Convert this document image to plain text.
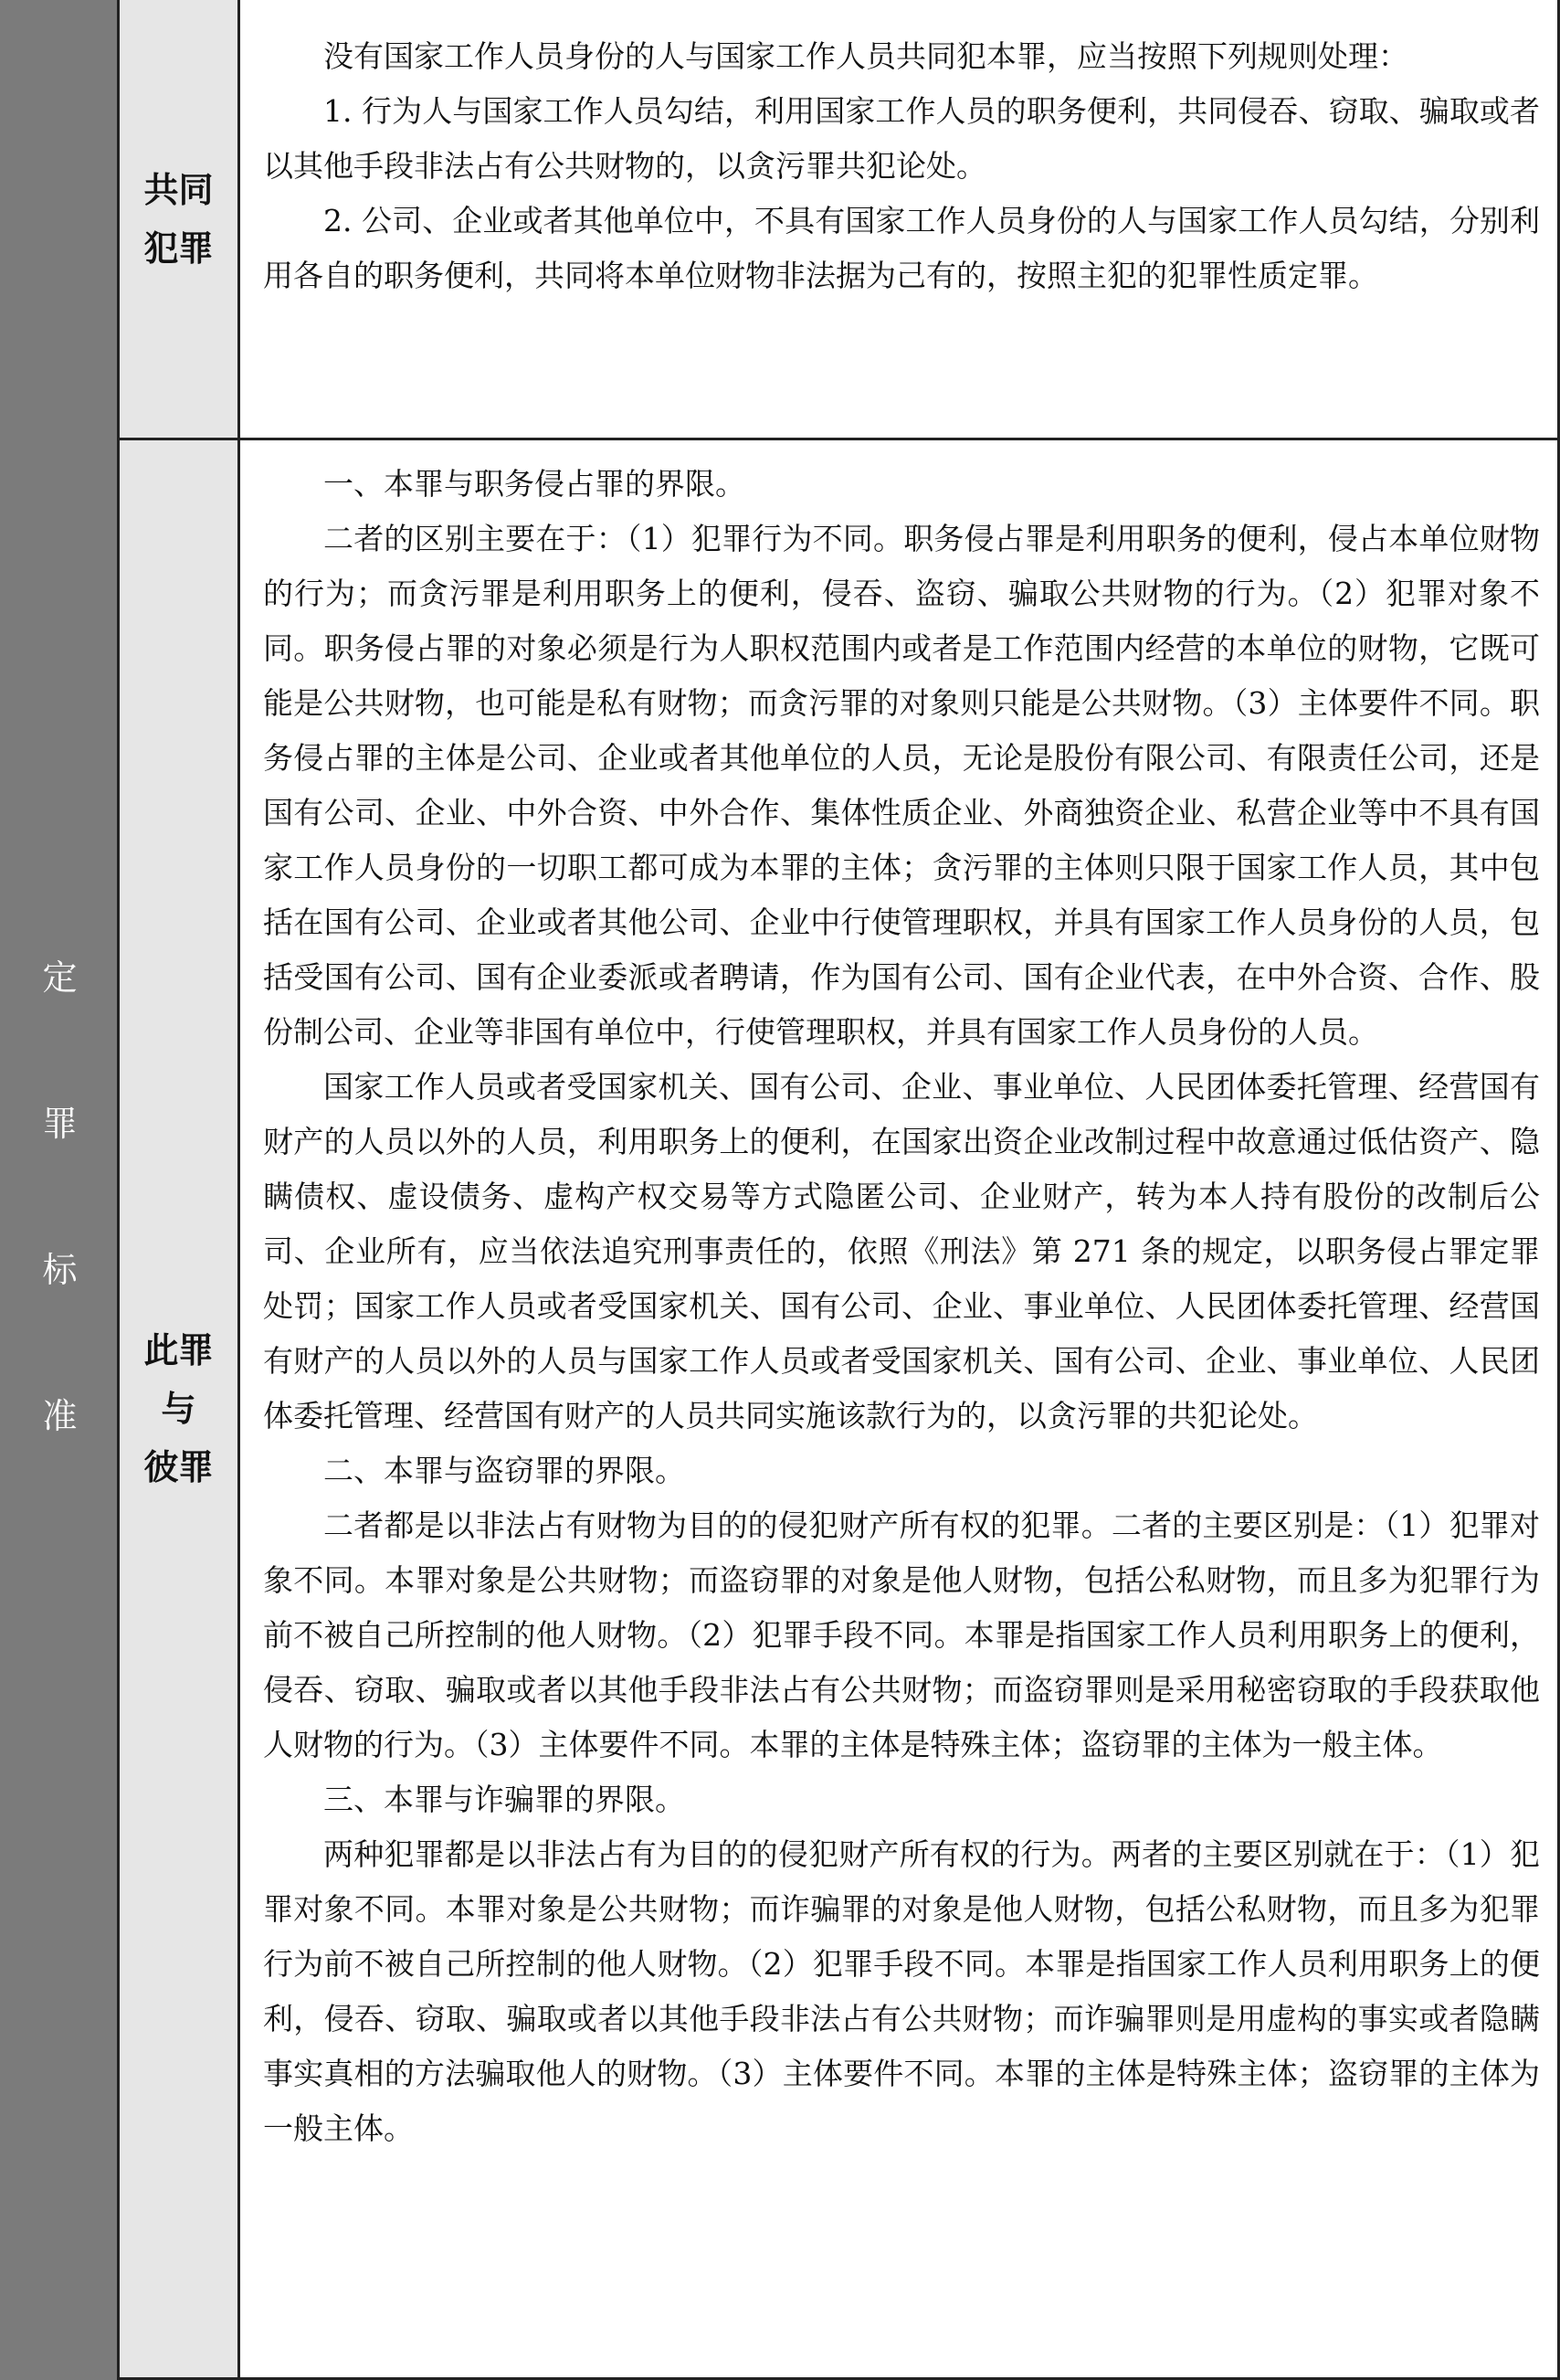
定
罪
标
准
共同
犯罪

没有国家工作人员身份的人与国家工作人员共同犯本罪，应当按照下列规则处理：

1. 行为人与国家工作人员勾结，利用国家工作人员的职务便利，共同侵吞、窃取、骗取或者以其他手段非法占有公共财物的，以贪污罪共犯论处。

2. 公司、企业或者其他单位中，不具有国家工作人员身份的人与国家工作人员勾结，分别利用各自的职务便利，共同将本单位财物非法据为己有的，按照主犯的犯罪性质定罪。

此罪
与
彼罪

一、本罪与职务侵占罪的界限。

二者的区别主要在于：（1）犯罪行为不同。职务侵占罪是利用职务的便利，侵占本单位财物的行为；而贪污罪是利用职务上的便利，侵吞、盗窃、骗取公共财物的行为。（2）犯罪对象不同。职务侵占罪的对象必须是行为人职权范围内或者是工作范围内经营的本单位的财物，它既可能是公共财物，也可能是私有财物；而贪污罪的对象则只能是公共财物。（3）主体要件不同。职务侵占罪的主体是公司、企业或者其他单位的人员，无论是股份有限公司、有限责任公司，还是国有公司、企业、中外合资、中外合作、集体性质企业、外商独资企业、私营企业等中不具有国家工作人员身份的一切职工都可成为本罪的主体；贪污罪的主体则只限于国家工作人员，其中包括在国有公司、企业或者其他公司、企业中行使管理职权，并具有国家工作人员身份的人员，包括受国有公司、国有企业委派或者聘请，作为国有公司、国有企业代表，在中外合资、合作、股份制公司、企业等非国有单位中，行使管理职权，并具有国家工作人员身份的人员。

国家工作人员或者受国家机关、国有公司、企业、事业单位、人民团体委托管理、经营国有财产的人员以外的人员，利用职务上的便利，在国家出资企业改制过程中故意通过低估资产、隐瞒债权、虚设债务、虚构产权交易等方式隐匿公司、企业财产，转为本人持有股份的改制后公司、企业所有，应当依法追究刑事责任的，依照《刑法》第 271 条的规定，以职务侵占罪定罪处罚；国家工作人员或者受国家机关、国有公司、企业、事业单位、人民团体委托管理、经营国有财产的人员以外的人员与国家工作人员或者受国家机关、国有公司、企业、事业单位、人民团体委托管理、经营国有财产的人员共同实施该款行为的，以贪污罪的共犯论处。

二、本罪与盗窃罪的界限。

二者都是以非法占有财物为目的的侵犯财产所有权的犯罪。二者的主要区别是：（1）犯罪对象不同。本罪对象是公共财物；而盗窃罪的对象是他人财物，包括公私财物，而且多为犯罪行为前不被自己所控制的他人财物。（2）犯罪手段不同。本罪是指国家工作人员利用职务上的便利，侵吞、窃取、骗取或者以其他手段非法占有公共财物；而盗窃罪则是采用秘密窃取的手段获取他人财物的行为。（3）主体要件不同。本罪的主体是特殊主体；盗窃罪的主体为一般主体。

三、本罪与诈骗罪的界限。

两种犯罪都是以非法占有为目的的侵犯财产所有权的行为。两者的主要区别就在于：（1）犯罪对象不同。本罪对象是公共财物；而诈骗罪的对象是他人财物，包括公私财物，而且多为犯罪行为前不被自己所控制的他人财物。（2）犯罪手段不同。本罪是指国家工作人员利用职务上的便利，侵吞、窃取、骗取或者以其他手段非法占有公共财物；而诈骗罪则是用虚构的事实或者隐瞒事实真相的方法骗取他人的财物。（3）主体要件不同。本罪的主体是特殊主体；盗窃罪的主体为一般主体。
